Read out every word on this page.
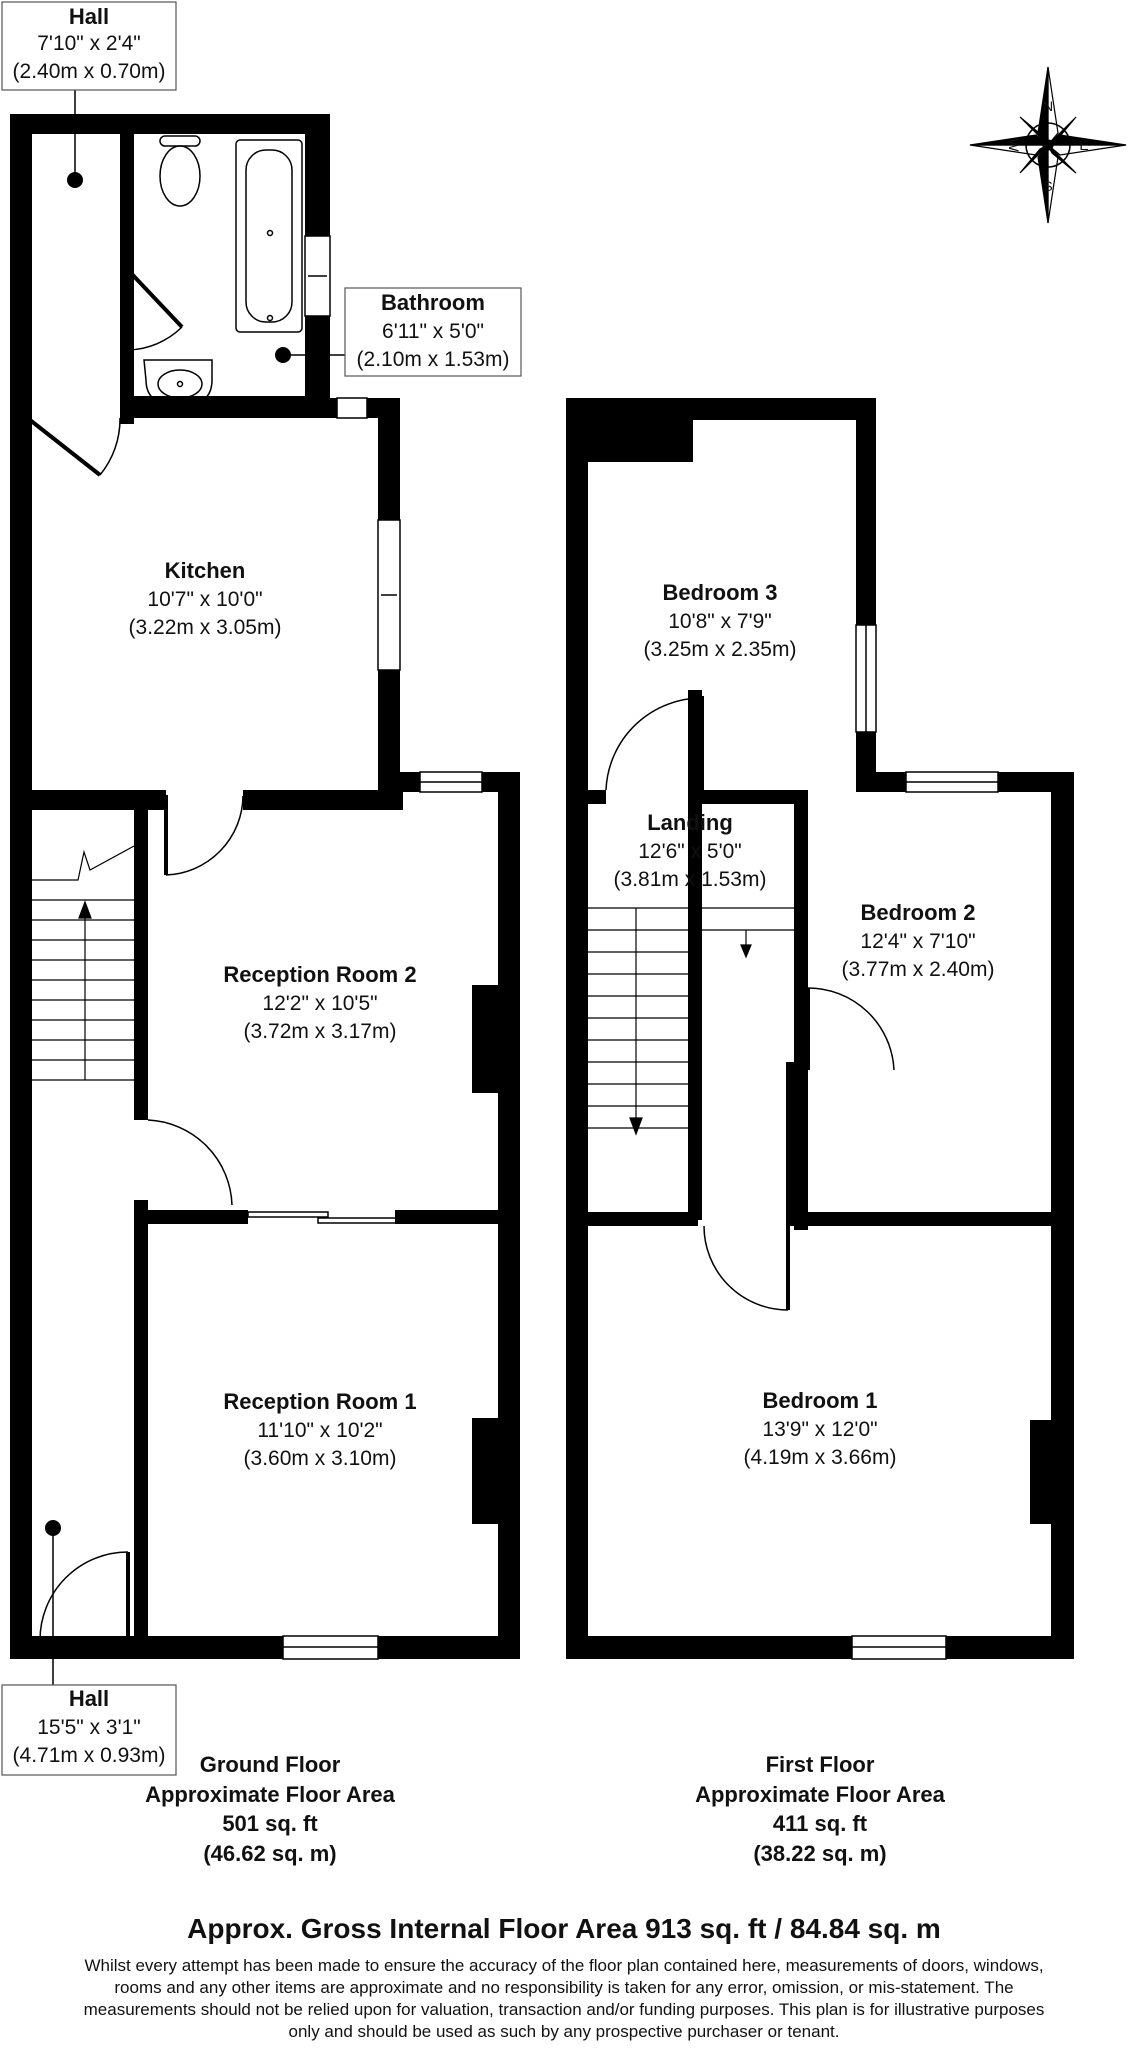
Kitchen
10'7" x 10'0"
(3.22m x 3.05m)
Reception Room 2
12'2" x 10'5"
(3.72m x 3.17m)
Reception Room 1
11'10" x 10'2"
(3.60m x 3.10m)
Bedroom 3
10'8" x 7'9"
(3.25m x 2.35m)
Landing
12'6" x 5'0"
(3.81m x 1.53m)
Bedroom 2
12'4" x 7'10"
(3.77m x 2.40m)
Bedroom 1
13'9" x 12'0"
(4.19m x 3.66m)
Hall
7'10" x 2'4"
(2.40m x 0.70m)
Bathroom
6'11" x 5'0"
(2.10m x 1.53m)
Hall
15'5" x 3'1"
(4.71m x 0.93m)
N
E
S
W
Ground Floor
Approximate Floor Area
501 sq. ft
(46.62 sq. m)
First Floor
Approximate Floor Area
411 sq. ft
(38.22 sq. m)
Approx. Gross Internal Floor Area 913 sq. ft / 84.84 sq. m
Whilst every attempt has been made to ensure the accuracy of the floor plan contained here, measurements of doors, windows,
rooms and any other items are approximate and no responsibility is taken for any error, omission, or mis-statement. The
measurements should not be relied upon for valuation, transaction and/or funding purposes. This plan is for illustrative purposes
only and should be used as such by any prospective purchaser or tenant.
